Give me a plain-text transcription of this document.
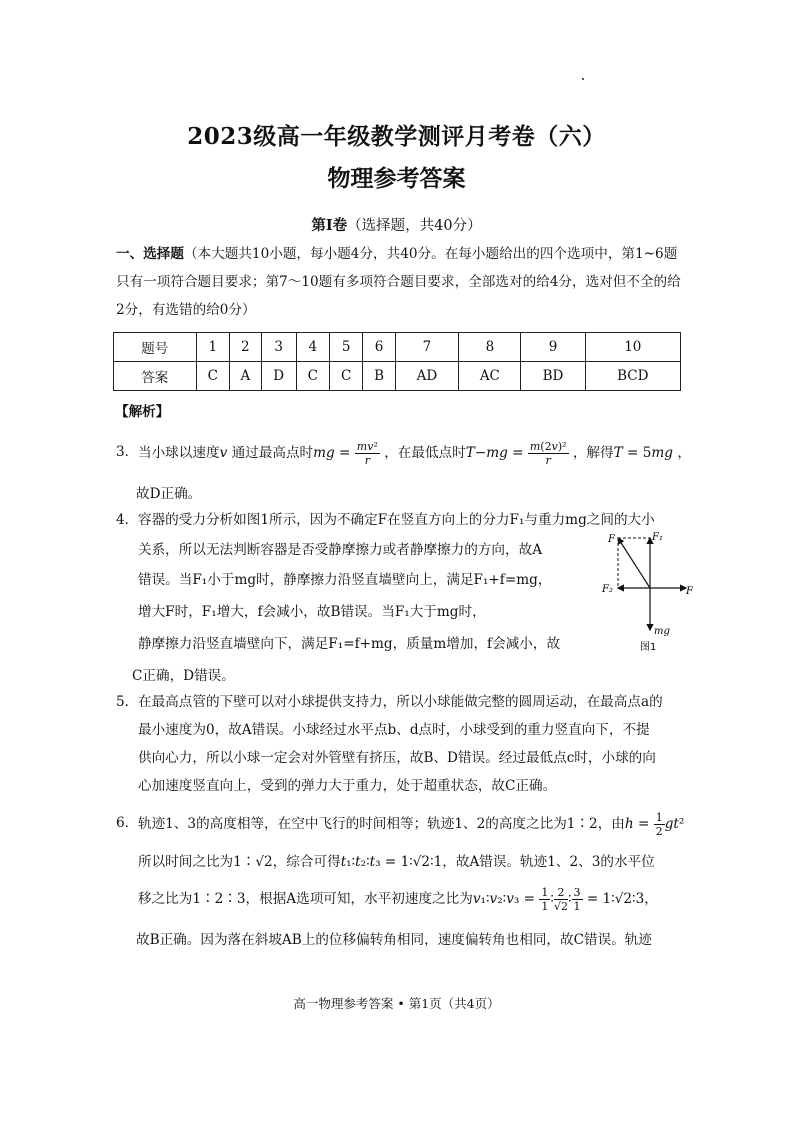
2023级高一年级教学测评月考卷（六）
物理参考答案
第Ⅰ卷（选择题，共40分）
一、选择题（本大题共10小题，每小题4分，共40分。在每小题给出的四个选项中，第1~6题只有一项符合题目要求；第7～10题有多项符合题目要求，全部选对的给4分，选对但不全的给2分，有选错的给0分）
题号	1	2	3	4	5	6	7	8	9	10
答案	C	A	D	C	C	B	AD	AC	BD	BCD
【解析】
3． 当小球以速度v 通过最高点时mg = $\frac{\text{mv²}}{r}$ ，在最低点时$T-mg = \frac{\text{m(2v)²}}{r}$ ，解得T = 5mg ，
故D正确。
4． 容器的受力分析如图1所示，因为不确定F在竖直方向上的分力F₁与重力mg之间的大小
关系，所以无法判断容器是否受静摩擦力或者静摩擦力的方向，故A
错误。当F₁小于mg时，静摩擦力沿竖直墙壁向上，满足F₁+f=mg，
增大F时，F₁增大，f会减小，故B错误。当F₁大于mg时，
静摩擦力沿竖直墙壁向下，满足F₁=f+mg，质量m增加，f会减小，故
C正确，D错误。
F	F₁
F₂	F
mg
图1
5． 在最高点管的下壁可以对小球提供支持力，所以小球能做完整的圆周运动，在最高点a的
最小速度为0，故A错误。小球经过水平点b、d点时，小球受到的重力竖直向下，不提
供向心力，所以小球一定会对外管壁有挤压，故B、D错误。经过最低点c时，小球的向
心加速度竖直向上，受到的弹力大于重力，处于超重状态，故C正确。
6． 轨迹1、3的高度相等，在空中飞行的时间相等；轨迹1、2的高度之比为1∶2，由$h = \frac{1}{2} gt^2$
所以时间之比为1∶√2，综合可得t₁∶t₂∶t₃ = 1∶√2∶1，故A错误。轨迹1、2、3的水平位
移之比为1∶2∶3，根据A选项可知，水平初速度之比为v₁∶v₂∶v₃ = $\frac{1}{1}$ ∶ $\frac{2}{√2}$ ∶ $\frac{3}{1}$ = 1∶√2∶3，
故B正确。因为落在斜坡AB上的位移偏转角相同，速度偏转角也相同，故C错误。轨迹
高一物理参考答案 • 第1页（共4页）
